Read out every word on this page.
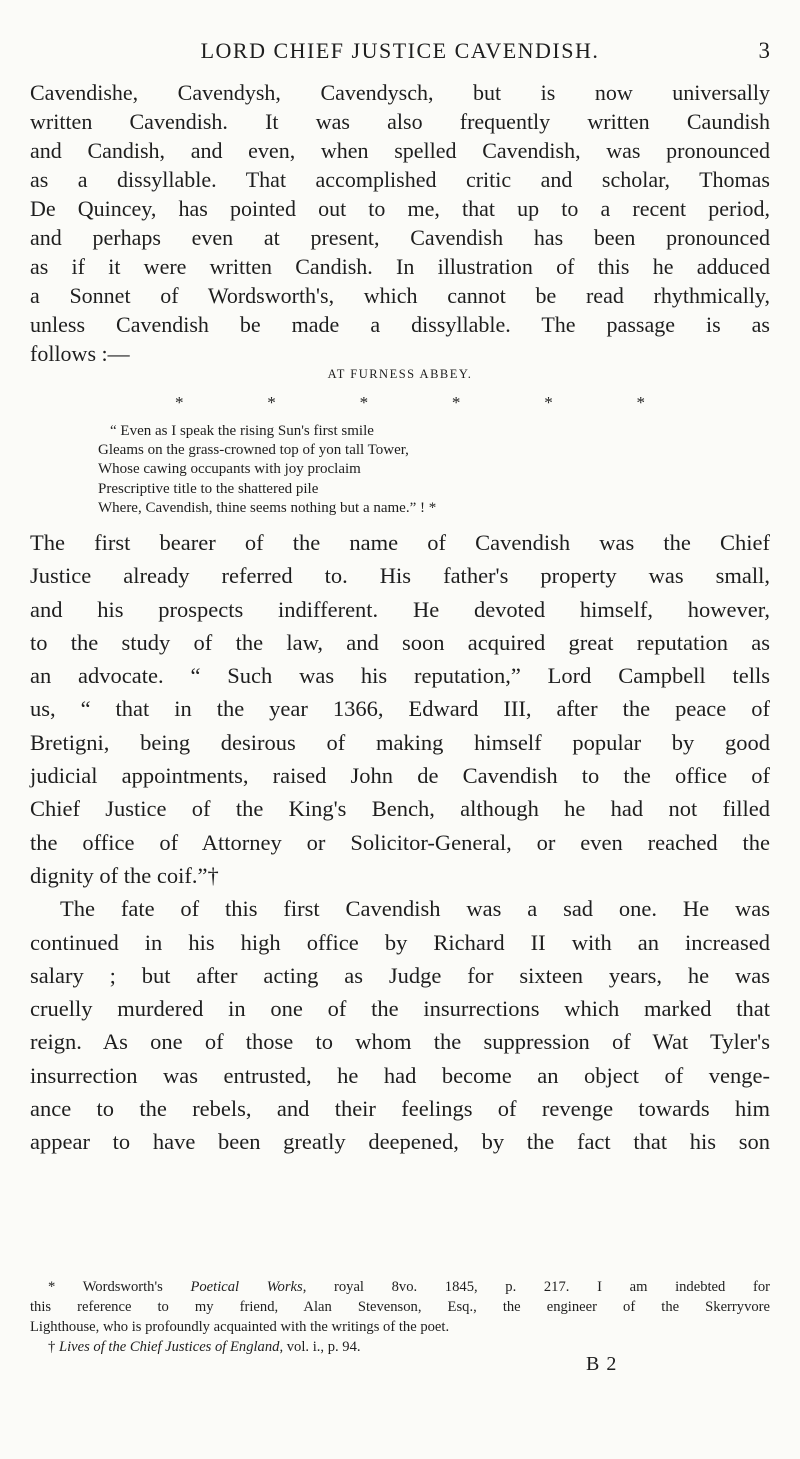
LORD CHIEF JUSTICE CAVENDISH.	3
Cavendishe, Cavendysh, Cavendysch, but is now universally
written Cavendish. It was also frequently written Caundish
and Candish, and even, when spelled Cavendish, was pronounced
as a dissyllable. That accomplished critic and scholar, Thomas
De Quincey, has pointed out to me, that up to a recent period,
and perhaps even at present, Cavendish has been pronounced
as if it were written Candish. In illustration of this he adduced
a Sonnet of Wordsworth's, which cannot be read rhythmically,
unless Cavendish be made a dissyllable. The passage is as
follows :—
AT FURNESS ABBEY.
*	*	*	*	*	*
“ Even as I speak the rising Sun's first smile
Gleams on the grass-crowned top of yon tall Tower,
Whose cawing occupants with joy proclaim
Prescriptive title to the shattered pile
Where, Cavendish, thine seems nothing but a name.” ! *
The first bearer of the name of Cavendish was the Chief
Justice already referred to. His father's property was small,
and his prospects indifferent. He devoted himself, however,
to the study of the law, and soon acquired great reputation as
an advocate. “ Such was his reputation,” Lord Campbell tells
us, “ that in the year 1366, Edward III, after the peace of
Bretigni, being desirous of making himself popular by good
judicial appointments, raised John de Cavendish to the office of
Chief Justice of the King's Bench, although he had not filled
the office of Attorney or Solicitor-General, or even reached the
dignity of the coif.”†
The fate of this first Cavendish was a sad one. He was
continued in his high office by Richard II with an increased
salary ; but after acting as Judge for sixteen years, he was
cruelly murdered in one of the insurrections which marked that
reign. As one of those to whom the suppression of Wat Tyler's
insurrection was entrusted, he had become an object of venge-
ance to the rebels, and their feelings of revenge towards him
appear to have been greatly deepened, by the fact that his son
* Wordsworth's Poetical Works, royal 8vo. 1845, p. 217. I am indebted for
this reference to my friend, Alan Stevenson, Esq., the engineer of the Skerryvore
Lighthouse, who is profoundly acquainted with the writings of the poet.
† Lives of the Chief Justices of England, vol. i., p. 94.
B 2
